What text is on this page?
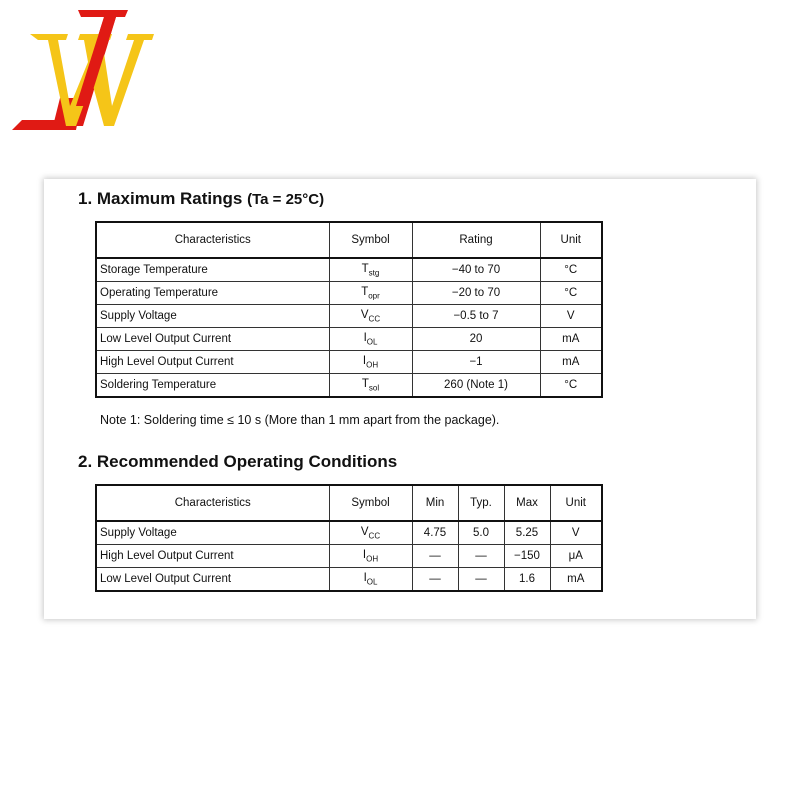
1. Maximum Ratings (Ta = 25°C)
Characteristics	Symbol	Rating	Unit
Storage Temperature	$T_{stg}$	−40 to 70	°C
Operating Temperature	$T_{opr}$	−20 to 70	°C
Supply Voltage	$V_{CC}$	−0.5 to 7	V
Low Level Output Current	$I_{OL}$	20	mA
High Level Output Current	$I_{OH}$	−1	mA
Soldering Temperature	$T_{sol}$	260 (Note 1)	°C
Note 1: Soldering time ≤ 10 s (More than 1 mm apart from the package).
2. Recommended Operating Conditions
Characteristics	Symbol	Min	Typ.	Max	Unit
Supply Voltage	$V_{CC}$	4.75	5.0	5.25	V
High Level Output Current	$I_{OH}$	—	—	−150	μA
Low Level Output Current	$I_{OL}$	—	—	1.6	mA
